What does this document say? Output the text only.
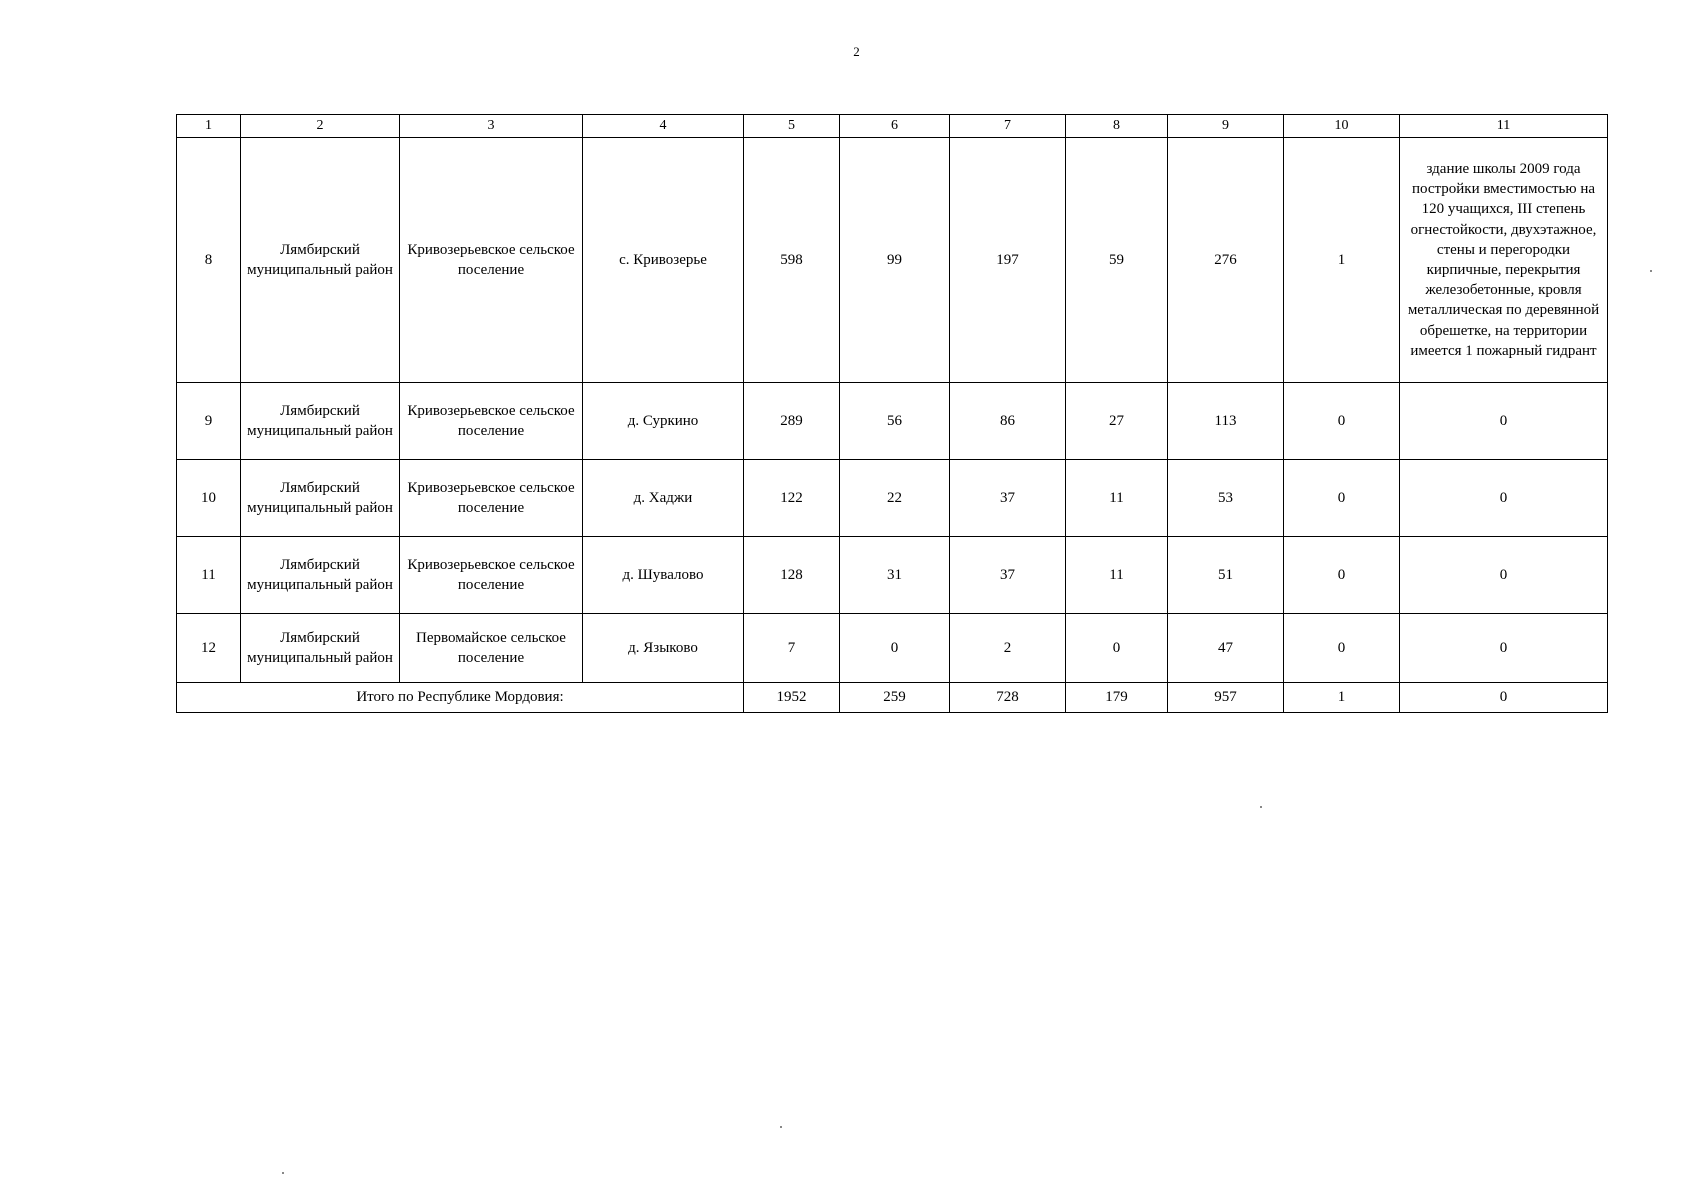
2
1	2	3	4	5	6	7	8	9	10	11
8	Лямбирский муниципальный район	Кривозерьевское сельское поселение	с. Кривозерье	598	99	197	59	276	1	здание школы 2009 года постройки вместимостью на 120 учащихся, III степень огнестойкости, двухэтажное, стены и перегородки кирпичные, перекрытия железобетонные, кровля металлическая по деревянной обрешетке, на территории имеется 1 пожарный гидрант
9	Лямбирский муниципальный район	Кривозерьевское сельское поселение	д. Суркино	289	56	86	27	113	0	0
10	Лямбирский муниципальный район	Кривозерьевское сельское поселение	д. Хаджи	122	22	37	11	53	0	0
11	Лямбирский муниципальный район	Кривозерьевское сельское поселение	д. Шувалово	128	31	37	11	51	0	0
12	Лямбирский муниципальный район	Первомайское сельское поселение	д. Языково	7	0	2	0	47	0	0
Итого по Республике Мордовия:				1952	259	728	179	957	1	0
